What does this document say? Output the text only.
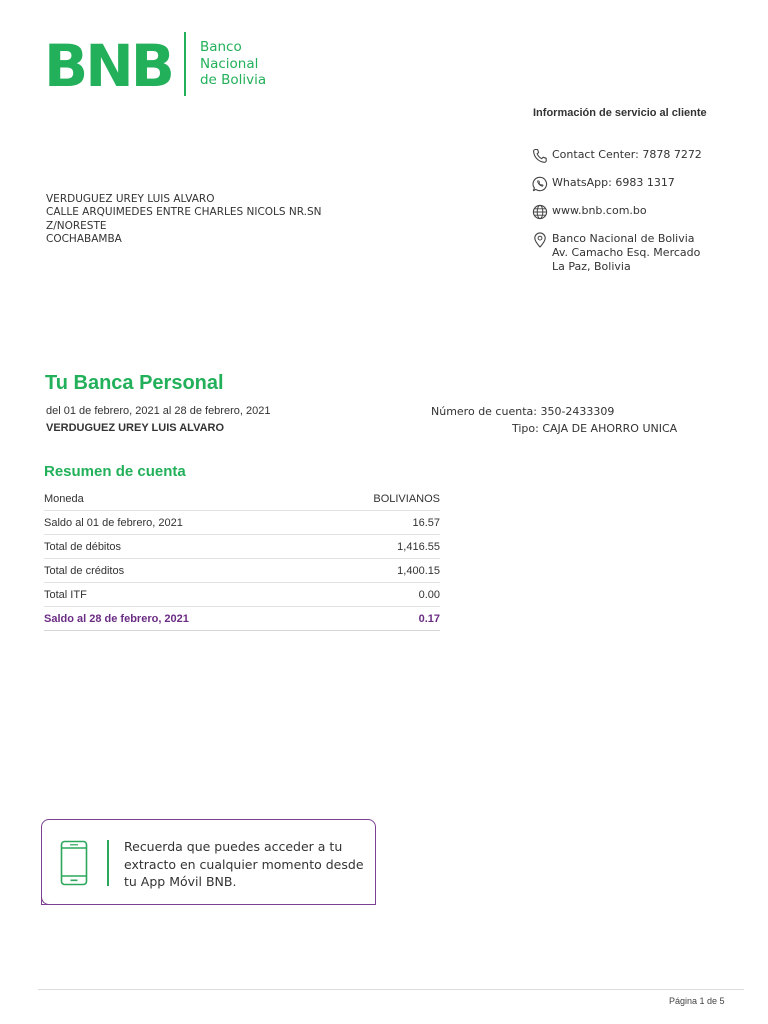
BNB Banco
Nacional
de Bolivia
Información de servicio al cliente
Contact Center: 7878 7272
WhatsApp: 6983 1317
www.bnb.com.bo
Banco Nacional de Bolivia
Av. Camacho Esq. Mercado
La Paz, Bolivia
VERDUGUEZ UREY LUIS ALVARO
CALLE ARQUIMEDES ENTRE CHARLES NICOLS NR.SN
Z/NORESTE
COCHABAMBA
Tu Banca Personal
del 01 de febrero, 2021 al 28 de febrero, 2021
VERDUGUEZ UREY LUIS ALVARO
Número de cuenta: 350-2433309
Tipo: CAJA DE AHORRO UNICA
Resumen de cuenta
Moneda	BOLIVIANOS
Saldo al 01 de febrero, 2021	16.57
Total de débitos	1,416.55
Total de créditos	1,400.15
Total ITF	0.00
Saldo al 28 de febrero, 2021	0.17
Recuerda que puedes acceder a tu extracto en cualquier momento desde tu App Móvil BNB.
Página 1 de 5
